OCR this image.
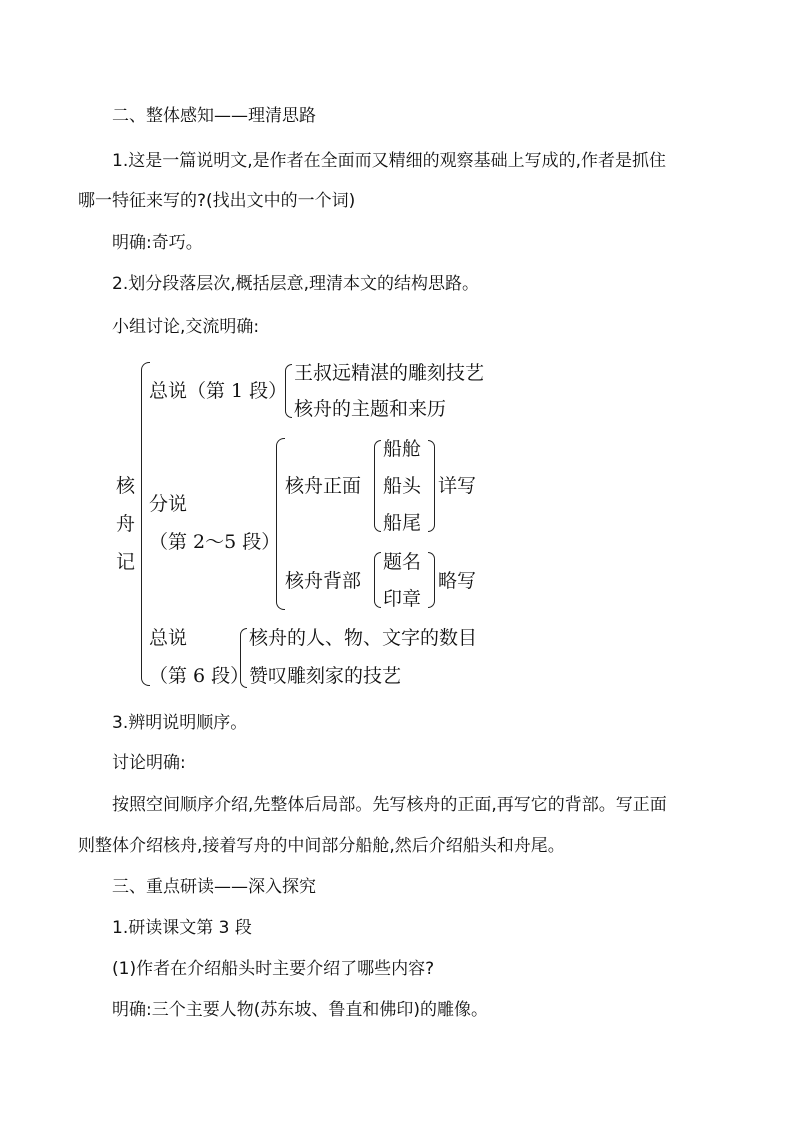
二、整体感知——理清思路
1.这是一篇说明文,是作者在全面而又精细的观察基础上写成的,作者是抓住
哪一特征来写的?(找出文中的一个词)
明确:奇巧。
2.划分段落层次,概括层意,理清本文的结构思路。
小组讨论,交流明确:
核
舟
记
总说（第 1 段）
王叔远精湛的雕刻技艺
核舟的主题和来历
分说
（第 2～5 段）
核舟正面
船舱
船头
船尾
详写
核舟背部
题名
印章
略写
总说
（第 6 段）
核舟的人、物、文字的数目
赞叹雕刻家的技艺
3.辨明说明顺序。
讨论明确:
按照空间顺序介绍,先整体后局部。先写核舟的正面,再写它的背部。写正面
则整体介绍核舟,接着写舟的中间部分船舱,然后介绍船头和舟尾。
三、重点研读——深入探究
1.研读课文第 3 段
(1)作者在介绍船头时主要介绍了哪些内容?
明确:三个主要人物(苏东坡、鲁直和佛印)的雕像。
